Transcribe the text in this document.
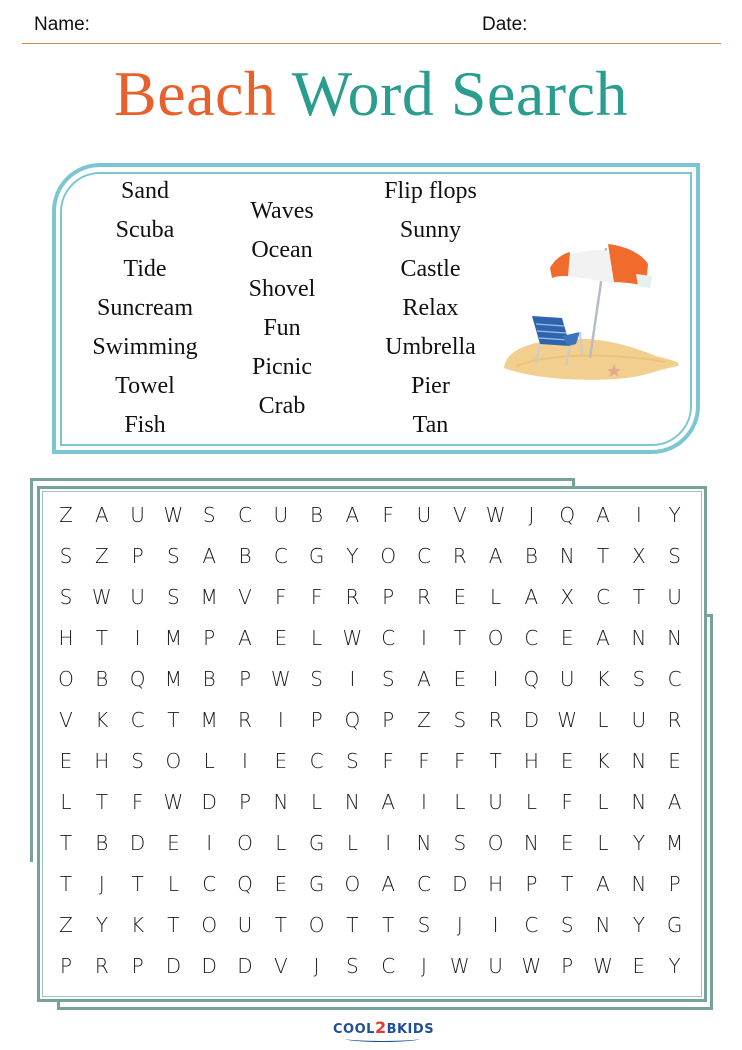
Name:	Date:
Beach Word Search
Sand
Scuba
Tide
Suncream
Swimming
Towel
Fish
Waves
Ocean
Shovel
Fun
Picnic
Crab
Flip flops
Sunny
Castle
Relax
Umbrella
Pier
Tan
Z	A	U W S	C	U	B	A	F	U	V W	J	Q	A	I	Y
S	Z	P	S	A	B	C	G	Y	O	C	R	A	B	N	T	X	S
S W U	S	M	V	F	F	R	P	R	E	L	A	X	C	T	U
H	T	I	M	P	A	E	L	W C	I	T	O	C	E	A	N	N
O	B	Q M	B	P W S	I	S	A	E	I	Q	U	K	S	C
V	K	C	T	M	R	I	P	Q	P	Z	S	R	D W	L	U	R
E	H	S	O	L	I	E	C	S	F	F	F	T	H	E	K	N	E
L	T	F	W D	P	N	L	N	A	I	L	U	L	F	L	N	A
T	B	D	E	I	O	L	G	L	I	N	S	O	N	E	L	Y	M
T	J	T	L	C	Q	E	G	O	A	C	D	H	P	T	A	N	P
Z	Y	K	T	O	U	T	O	T	T	S	J	I	C	S	N	Y	G
P	R	P	D	D	D	V	J	S	C	J	W U W P W E	Y
COOL2BKIDS
